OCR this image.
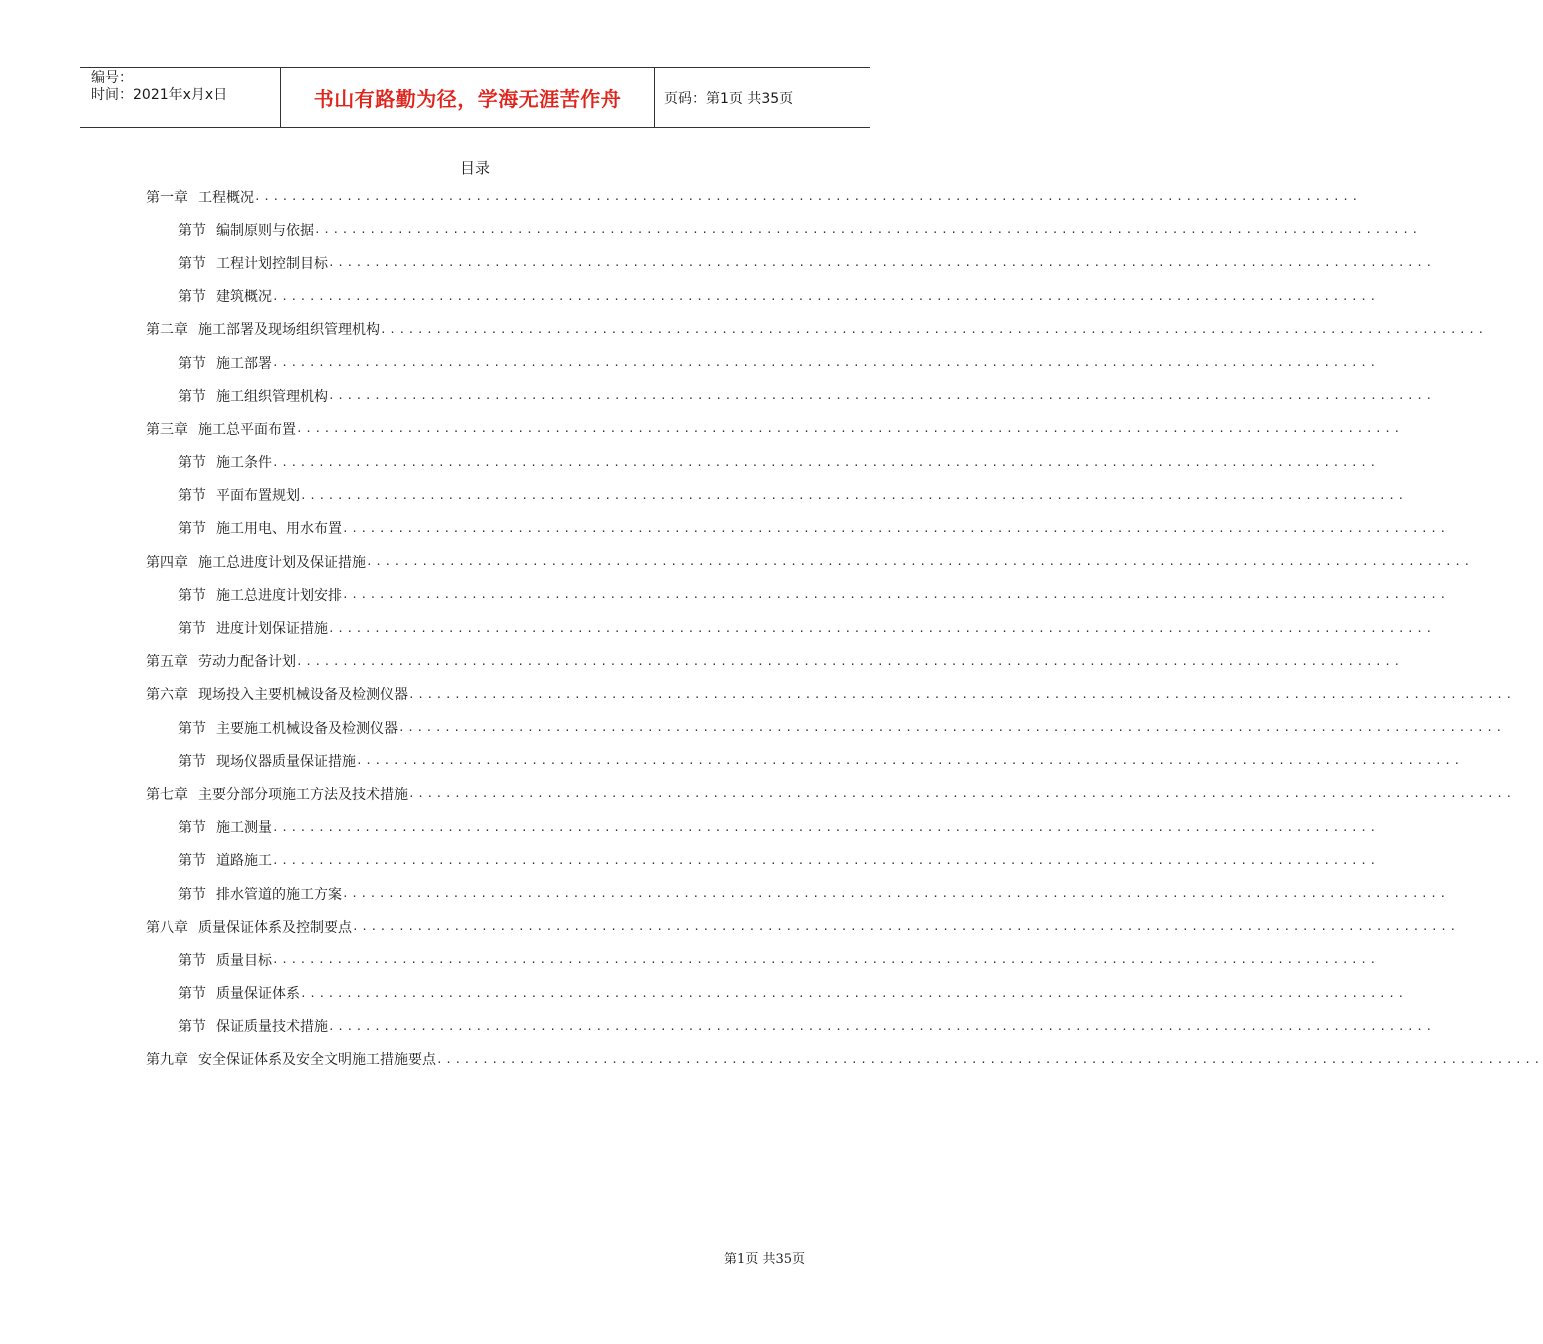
编号：
时间：2021年x月x日	书山有路勤为径，学海无涯苦作舟	页码：第1页 共35页
目录
第一章 工程概况 ........................................................................................................................
第节 编制原则与依据 ........................................................................................................................
第节 工程计划控制目标 ........................................................................................................................
第节 建筑概况 ........................................................................................................................
第二章 施工部署及现场组织管理机构 ........................................................................................................................
第节 施工部署 ........................................................................................................................
第节 施工组织管理机构 ........................................................................................................................
第三章 施工总平面布置 ........................................................................................................................
第节 施工条件 ........................................................................................................................
第节 平面布置规划 ........................................................................................................................
第节 施工用电、用水布置 ........................................................................................................................
第四章 施工总进度计划及保证措施 ........................................................................................................................
第节 施工总进度计划安排 ........................................................................................................................
第节 进度计划保证措施 ........................................................................................................................
第五章 劳动力配备计划 ........................................................................................................................
第六章 现场投入主要机械设备及检测仪器 ........................................................................................................................
第节 主要施工机械设备及检测仪器 ........................................................................................................................
第节 现场仪器质量保证措施 ........................................................................................................................
第七章 主要分部分项施工方法及技术措施 ........................................................................................................................
第节 施工测量 ........................................................................................................................
第节 道路施工 ........................................................................................................................
第节 排水管道的施工方案 ........................................................................................................................
第八章 质量保证体系及控制要点 ........................................................................................................................
第节 质量目标 ........................................................................................................................
第节 质量保证体系 ........................................................................................................................
第节 保证质量技术措施 ........................................................................................................................
第九章 安全保证体系及安全文明施工措施要点 ........................................................................................................................
第1页 共35页
